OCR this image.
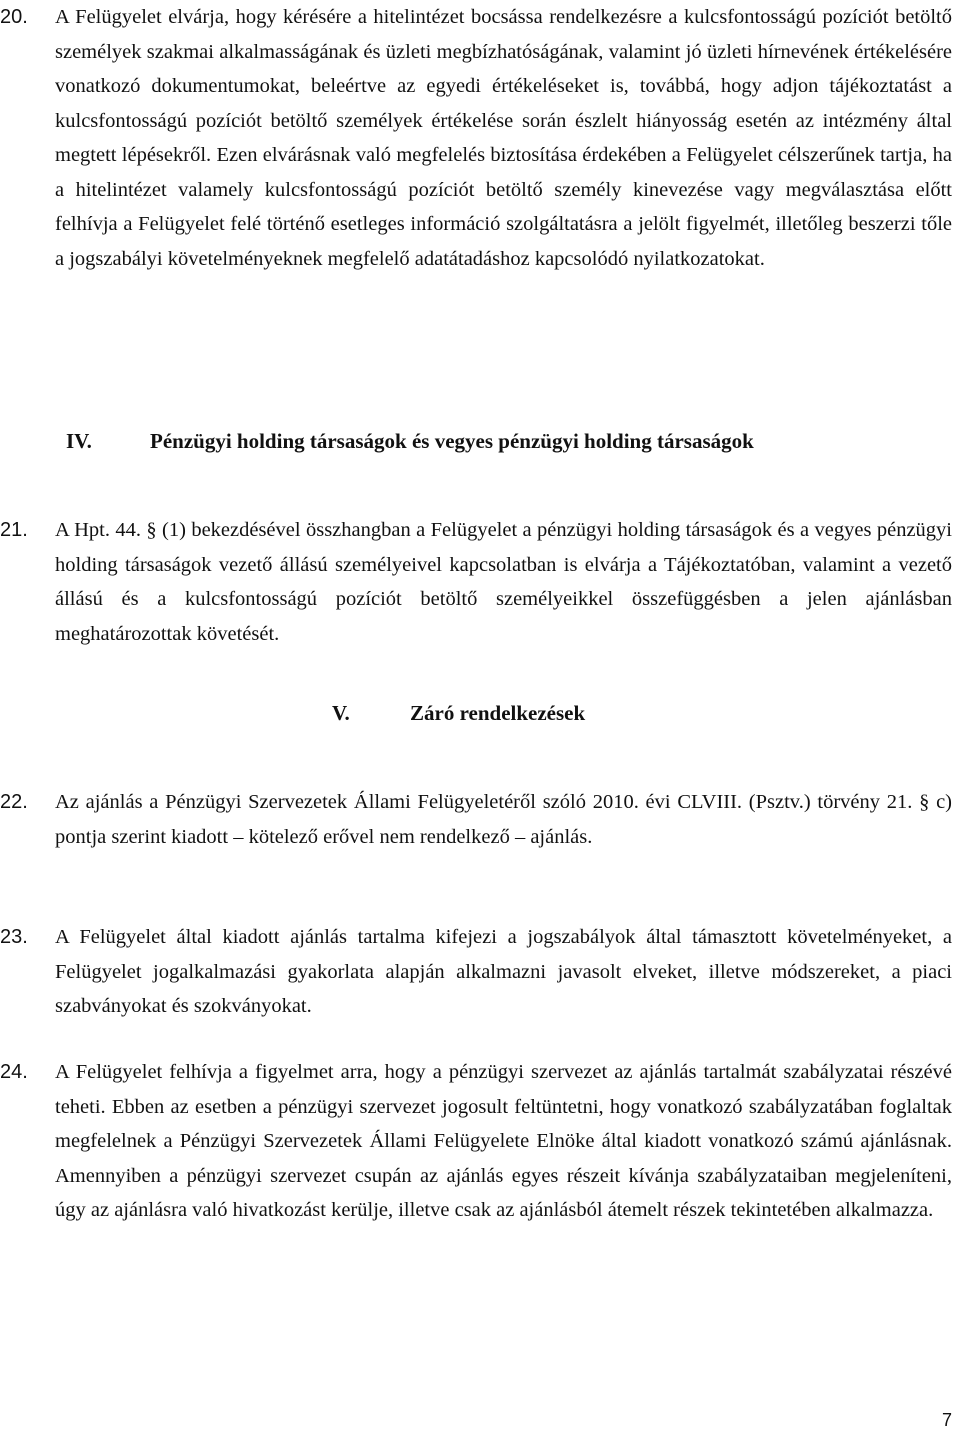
20.	A Felügyelet elvárja, hogy kérésére a hitelintézet bocsássa rendelkezésre a kulcsfontosságú pozíciót betöltő személyek szakmai alkalmasságának és üzleti megbízhatóságának, valamint jó üzleti hírnevének értékelésére vonatkozó dokumentumokat, beleértve az egyedi értékeléseket is, továbbá, hogy adjon tájékoztatást a kulcsfontosságú pozíciót betöltő személyek értékelése során észlelt hiányosság esetén az intézmény által megtett lépésekről. Ezen elvárásnak való megfelelés biztosítása érdekében a Felügyelet célszerűnek tartja, ha a hitelintézet valamely kulcsfontosságú pozíciót betöltő személy kinevezése vagy megválasztása előtt felhívja a Felügyelet felé történő esetleges információ szolgáltatásra a jelölt figyelmét, illetőleg beszerzi tőle a jogszabályi követelményeknek megfelelő adatátadáshoz kapcsolódó nyilatkozatokat.
IV.	Pénzügyi holding társaságok és vegyes pénzügyi holding társaságok
21.	A Hpt. 44. § (1) bekezdésével összhangban a Felügyelet a pénzügyi holding társaságok és a vegyes pénzügyi holding társaságok vezető állású személyeivel kapcsolatban is elvárja a Tájékoztatóban, valamint a vezető állású és a kulcsfontosságú pozíciót betöltő személyeikkel összefüggésben a jelen ajánlásban meghatározottak követését.
V.	Záró rendelkezések
22.	Az ajánlás a Pénzügyi Szervezetek Állami Felügyeletéről szóló 2010. évi CLVIII. (Psztv.) törvény 21. § c) pontja szerint kiadott – kötelező erővel nem rendelkező – ajánlás.
23.	A Felügyelet által kiadott ajánlás tartalma kifejezi a jogszabályok által támasztott követelményeket, a Felügyelet jogalkalmazási gyakorlata alapján alkalmazni javasolt elveket, illetve módszereket, a piaci szabványokat és szokványokat.
24.	A Felügyelet felhívja a figyelmet arra, hogy a pénzügyi szervezet az ajánlás tartalmát szabályzatai részévé teheti. Ebben az esetben a pénzügyi szervezet jogosult feltüntetni, hogy vonatkozó szabályzatában foglaltak megfelelnek a Pénzügyi Szervezetek Állami Felügyelete Elnöke által kiadott vonatkozó számú ajánlásnak. Amennyiben a pénzügyi szervezet csupán az ajánlás egyes részeit kívánja szabályzataiban megjeleníteni, úgy az ajánlásra való hivatkozást kerülje, illetve csak az ajánlásból átemelt részek tekintetében alkalmazza.
7
